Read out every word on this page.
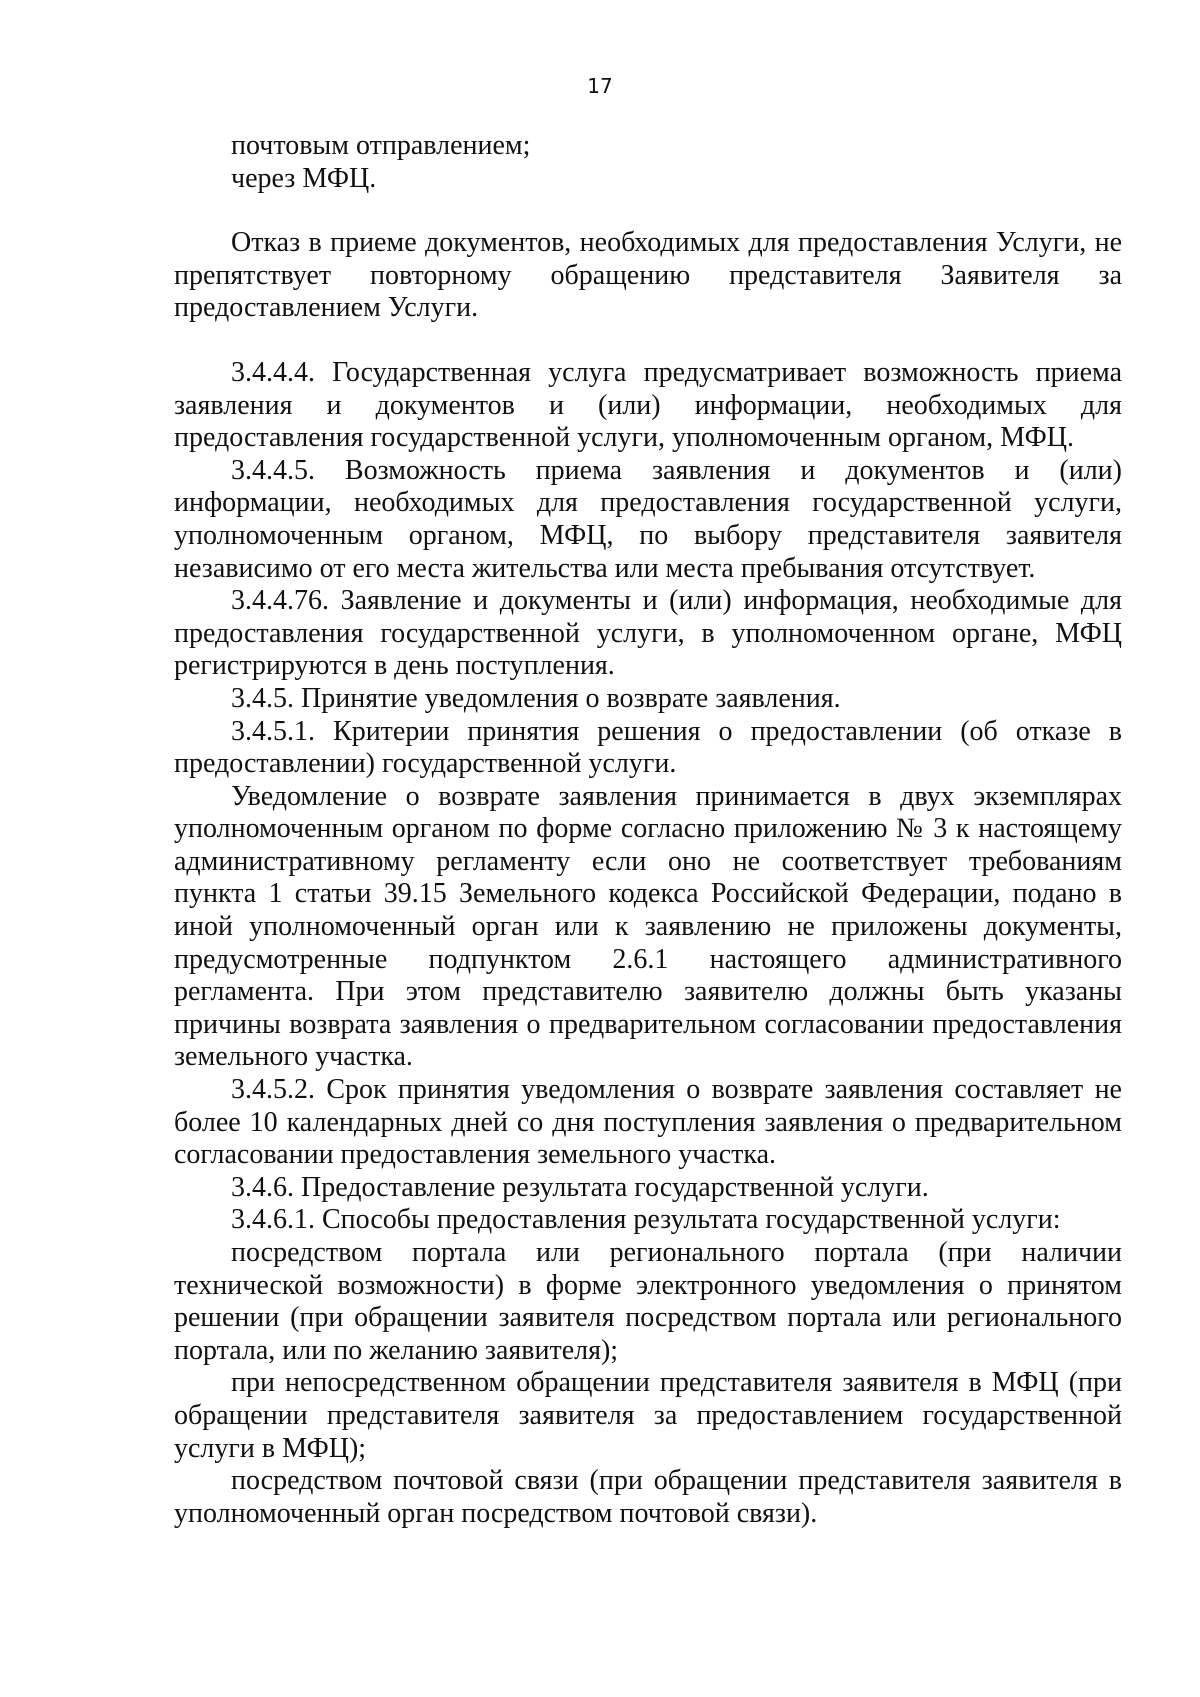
17

почтовым отправлением;

через МФЦ.

Отказ в приеме документов, необходимых для предоставления Услуги, не препятствует повторному обращению представителя Заявителя за предоставлением Услуги.

3.4.4.4. Государственная услуга предусматривает возможность приема заявления и документов и (или) информации, необходимых для предоставления государственной услуги, уполномоченным органом, МФЦ.

3.4.4.5. Возможность приема заявления и документов и (или) информации, необходимых для предоставления государственной услуги, уполномоченным органом, МФЦ, по выбору представителя заявителя независимо от его места жительства или места пребывания отсутствует.

3.4.4.76. Заявление и документы и (или) информация, необходимые для предоставления государственной услуги, в уполномоченном органе, МФЦ регистрируются в день поступления.

3.4.5. Принятие уведомления о возврате заявления.

3.4.5.1. Критерии принятия решения о предоставлении (об отказе в предоставлении) государственной услуги.

Уведомление о возврате заявления принимается в двух экземплярах уполномоченным органом по форме согласно приложению № 3 к настоящему административному регламенту если оно не соответствует требованиям пункта 1 статьи 39.15 Земельного кодекса Российской Федерации, подано в иной уполномоченный орган или к заявлению не приложены документы, предусмотренные подпунктом 2.6.1 настоящего административного регламента. При этом представителю заявителю должны быть указаны причины возврата заявления о предварительном согласовании предоставления земельного участка.

3.4.5.2. Срок принятия уведомления о возврате заявления составляет не более 10 календарных дней со дня поступления заявления о предварительном согласовании предоставления земельного участка.

3.4.6. Предоставление результата государственной услуги.

3.4.6.1. Способы предоставления результата государственной услуги:

посредством портала или регионального портала (при наличии технической возможности) в форме электронного уведомления о принятом решении (при обращении заявителя посредством портала или регионального портала, или по желанию заявителя);

при непосредственном обращении представителя заявителя в МФЦ (при обращении представителя заявителя за предоставлением государственной услуги в МФЦ);

посредством почтовой связи (при обращении представителя заявителя в уполномоченный орган посредством почтовой связи).
